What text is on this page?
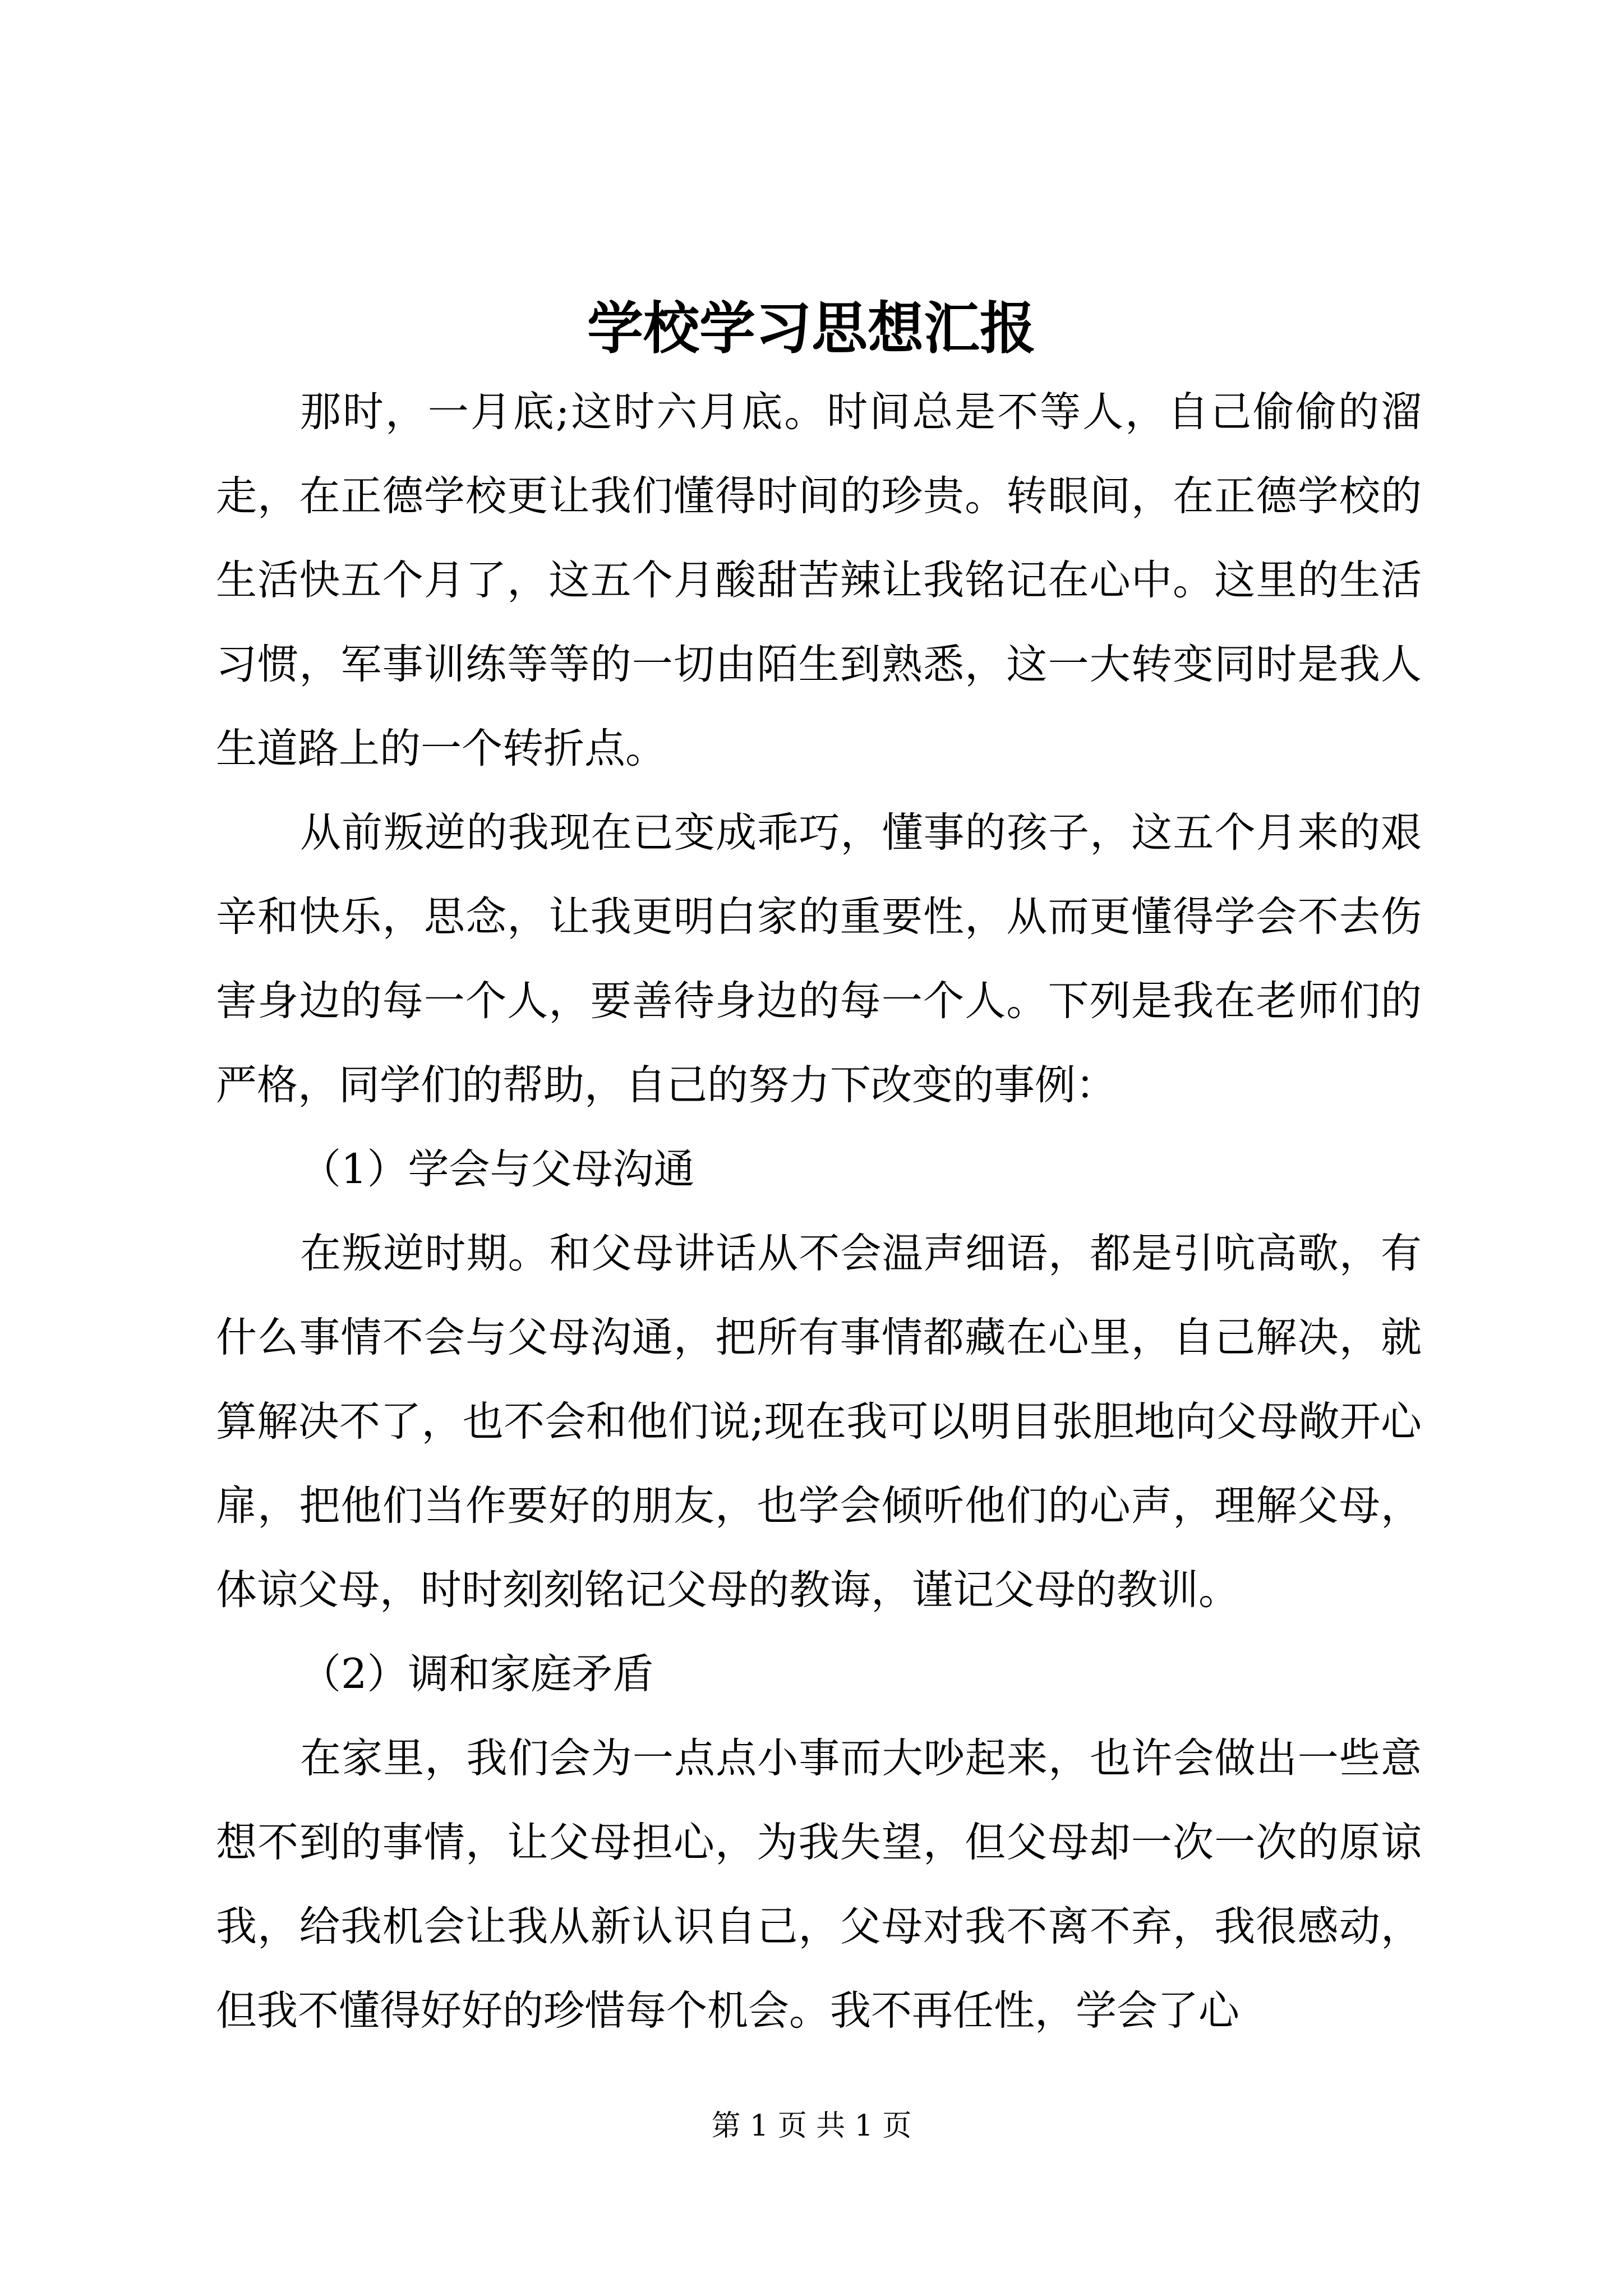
学校学习思想汇报

那时，一月底;这时六月底。时间总是不等人，自己偷偷的溜走，在正德学校更让我们懂得时间的珍贵。转眼间，在正德学校的生活快五个月了，这五个月酸甜苦辣让我铭记在心中。这里的生活习惯，军事训练等等的一切由陌生到熟悉，这一大转变同时是我人生道路上的一个转折点。

从前叛逆的我现在已变成乖巧，懂事的孩子，这五个月来的艰辛和快乐，思念，让我更明白家的重要性，从而更懂得学会不去伤害身边的每一个人，要善待身边的每一个人。下列是我在老师们的严格，同学们的帮助，自己的努力下改变的事例：

（1）学会与父母沟通

在叛逆时期。和父母讲话从不会温声细语，都是引吭高歌，有什么事情不会与父母沟通，把所有事情都藏在心里，自己解决，就算解决不了，也不会和他们说;现在我可以明目张胆地向父母敞开心扉，把他们当作要好的朋友，也学会倾听他们的心声，理解父母，体谅父母，时时刻刻铭记父母的教诲，谨记父母的教训。

（2）调和家庭矛盾

在家里，我们会为一点点小事而大吵起来，也许会做出一些意想不到的事情，让父母担心，为我失望，但父母却一次一次的原谅我，给我机会让我从新认识自己，父母对我不离不弃，我很感动，但我不懂得好好的珍惜每个机会。我不再任性，学会了心

第 1 页 共 1 页
